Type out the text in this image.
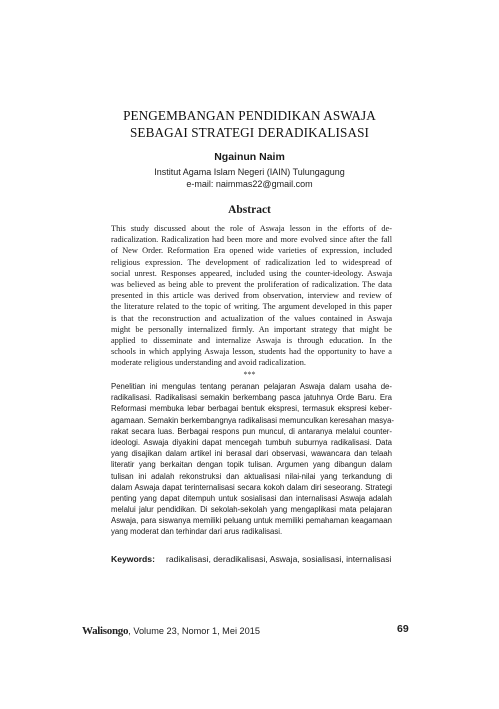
PENGEMBANGAN PENDIDIKAN ASWAJA
SEBAGAI STRATEGI DERADIKALISASI
Ngainun Naim
Institut Agama Islam Negeri (IAIN) Tulungagung
e-mail: naimmas22@gmail.com
Abstract
This study discussed about the role of Aswaja lesson in the efforts of de-
radicalization. Radicalization had been more and more evolved since after the fall
of New Order. Reformation Era opened wide varieties of expression, included
religious expression. The development of radicalization led to widespread of
social unrest. Responses appeared, included using the counter-ideology. Aswaja
was believed as being able to prevent the proliferation of radicalization. The data
presented in this article was derived from observation, interview and review of
the literature related to the topic of writing. The argument developed in this paper
is that the reconstruction and actualization of the values contained in Aswaja
might be personally internalized firmly. An important strategy that might be
applied to disseminate and internalize Aswaja is through education. In the
schools in which applying Aswaja lesson, students had the opportunity to have a
moderate religious understanding and avoid radicalization.
***
Penelitian ini mengulas tentang peranan pelajaran Aswaja dalam usaha de-
radikalisasi. Radikalisasi semakin berkembang pasca jatuhnya Orde Baru. Era
Reformasi membuka lebar berbagai bentuk ekspresi, termasuk ekspresi keber-
agamaan. Semakin berkembangnya radikalisasi memunculkan keresahan masya-
rakat secara luas. Berbagai respons pun muncul, di antaranya melalui counter-
ideologi. Aswaja diyakini dapat mencegah tumbuh suburnya radikalisasi. Data
yang disajikan dalam artikel ini berasal dari observasi, wawancara dan telaah
literatir yang berkaitan dengan topik tulisan. Argumen yang dibangun dalam
tulisan ini adalah rekonstruksi dan aktualisasi nilai-nilai yang terkandung di
dalam Aswaja dapat terinternalisasi secara kokoh dalam diri seseorang. Strategi
penting yang dapat ditempuh untuk sosialisasi dan internalisasi Aswaja adalah
melalui jalur pendidikan. Di sekolah-sekolah yang mengaplikasi mata pelajaran
Aswaja, para siswanya memiliki peluang untuk memiliki pemahaman keagamaan
yang moderat dan terhindar dari arus radikalisasi.
Keywords: radikalisasi, deradikalisasi, Aswaja, sosialisasi, internalisasi
Walisongo, Volume 23, Nomor 1, Mei 2015	69
